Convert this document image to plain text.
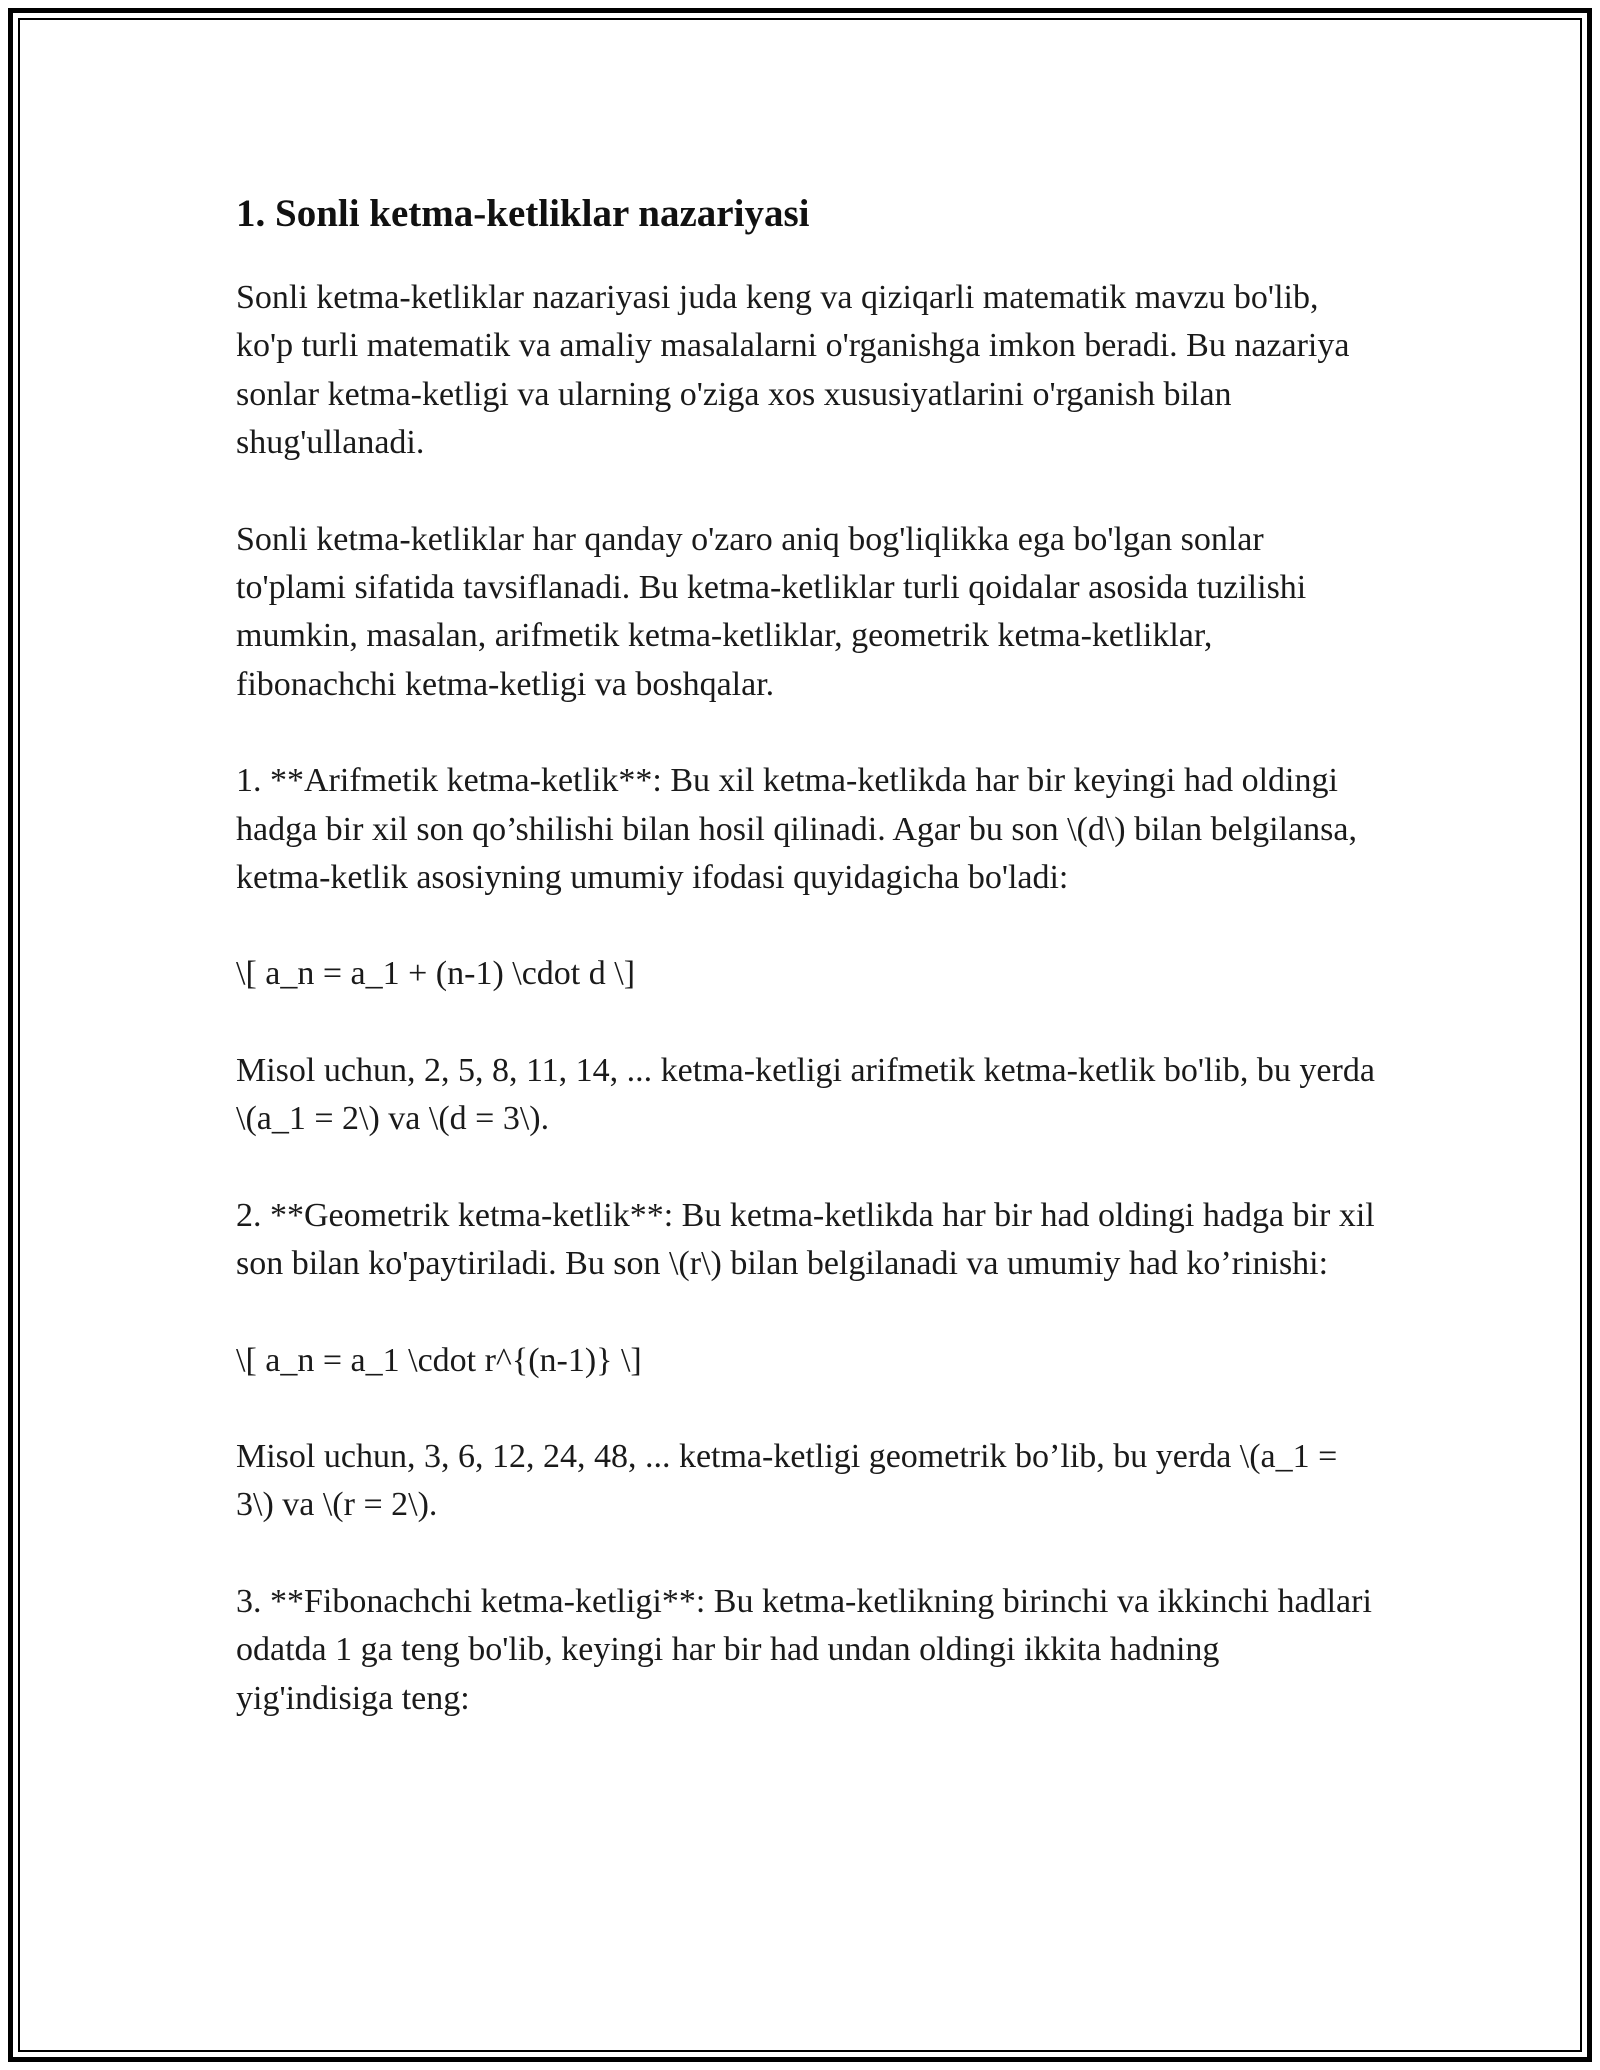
1. Sonli ketma-ketliklar nazariyasi

Sonli ketma-ketliklar nazariyasi juda keng va qiziqarli matematik mavzu bo'lib, ko'p turli matematik va amaliy masalalarni o'rganishga imkon beradi. Bu nazariya sonlar ketma-ketligi va ularning o'ziga xos xususiyatlarini o'rganish bilan shug'ullanadi.

Sonli ketma-ketliklar har qanday o'zaro aniq bog'liqlikka ega bo'lgan sonlar to'plami sifatida tavsiflanadi. Bu ketma-ketliklar turli qoidalar asosida tuzilishi mumkin, masalan, arifmetik ketma-ketliklar, geometrik ketma-ketliklar, fibonachchi ketma-ketligi va boshqalar.

1. **Arifmetik ketma-ketlik**: Bu xil ketma-ketlikda har bir keyingi had oldingi hadga bir xil son qo’shilishi bilan hosil qilinadi. Agar bu son \(d\) bilan belgilansa, ketma-ketlik asosiyning umumiy ifodasi quyidagicha bo'ladi:

\[ a_n = a_1 + (n-1) \cdot d \]

Misol uchun, 2, 5, 8, 11, 14, ... ketma-ketligi arifmetik ketma-ketlik bo'lib, bu yerda \(a_1 = 2\) va \(d = 3\).

2. **Geometrik ketma-ketlik**: Bu ketma-ketlikda har bir had oldingi hadga bir xil son bilan ko'paytiriladi. Bu son \(r\) bilan belgilanadi va umumiy had ko’rinishi:

\[ a_n = a_1 \cdot r^{(n-1)} \]

Misol uchun, 3, 6, 12, 24, 48, ... ketma-ketligi geometrik bo’lib, bu yerda \(a_1 = 3\) va \(r = 2\).

3. **Fibonachchi ketma-ketligi**: Bu ketma-ketlikning birinchi va ikkinchi hadlari odatda 1 ga teng bo'lib, keyingi har bir had undan oldingi ikkita hadning yig'indisiga teng:
